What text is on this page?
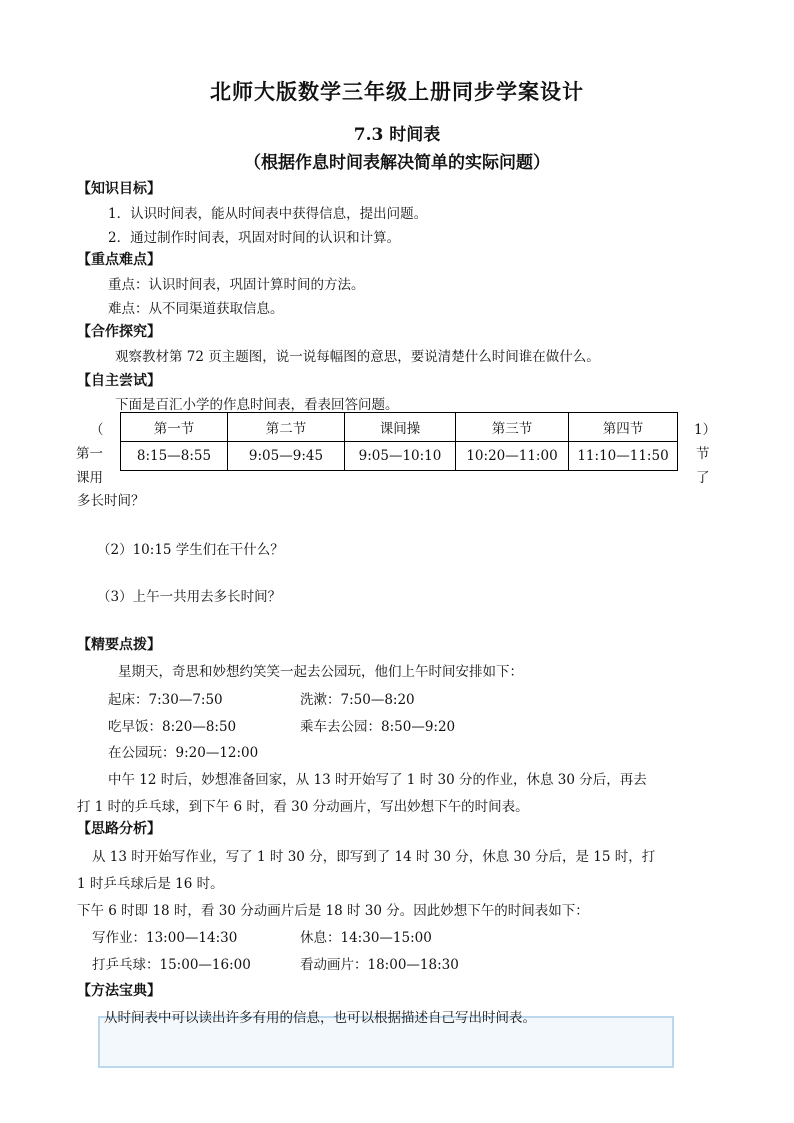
北师大版数学三年级上册同步学案设计
7.3 时间表
（根据作息时间表解决简单的实际问题）
【知识目标】
1．认识时间表，能从时间表中获得信息，提出问题。
2．通过制作时间表，巩固对时间的认识和计算。
【重点难点】
重点：认识时间表，巩固计算时间的方法。
难点：从不同渠道获取信息。
【合作探究】
观察教材第 72 页主题图，说一说每幅图的意思，要说清楚什么时间谁在做什么。
【自主尝试】
下面是百汇小学的作息时间表，看表回答问题。
（
第一
课用
1）
节
了
多长时间？
第一节	第二节	课间操	第三节	第四节
8:15—8:55	9:05—9:45	9:05—10:10	10:20—11:00	11:10—11:50
（2）10:15 学生们在干什么？
（3）上午一共用去多长时间？
【精要点拨】
星期天，奇思和妙想约笑笑一起去公园玩，他们上午时间安排如下：
起床：7:30—7:50	洗漱：7:50—8:20
吃早饭：8:20—8:50	乘车去公园：8:50—9:20
在公园玩：9:20—12:00
中午 12 时后，妙想准备回家，从 13 时开始写了 1 时 30 分的作业，休息 30 分后，再去
打 1 时的乒乓球，到下午 6 时，看 30 分动画片，写出妙想下午的时间表。
【思路分析】
从 13 时开始写作业，写了 1 时 30 分，即写到了 14 时 30 分，休息 30 分后，是 15 时，打
1 时乒乓球后是 16 时。
下午 6 时即 18 时，看 30 分动画片后是 18 时 30 分。因此妙想下午的时间表如下：
写作业：13:00—14:30	休息：14:30—15:00
打乒乓球：15:00—16:00	看动画片：18:00—18:30
【方法宝典】
从时间表中可以读出许多有用的信息，也可以根据描述自己写出时间表。
